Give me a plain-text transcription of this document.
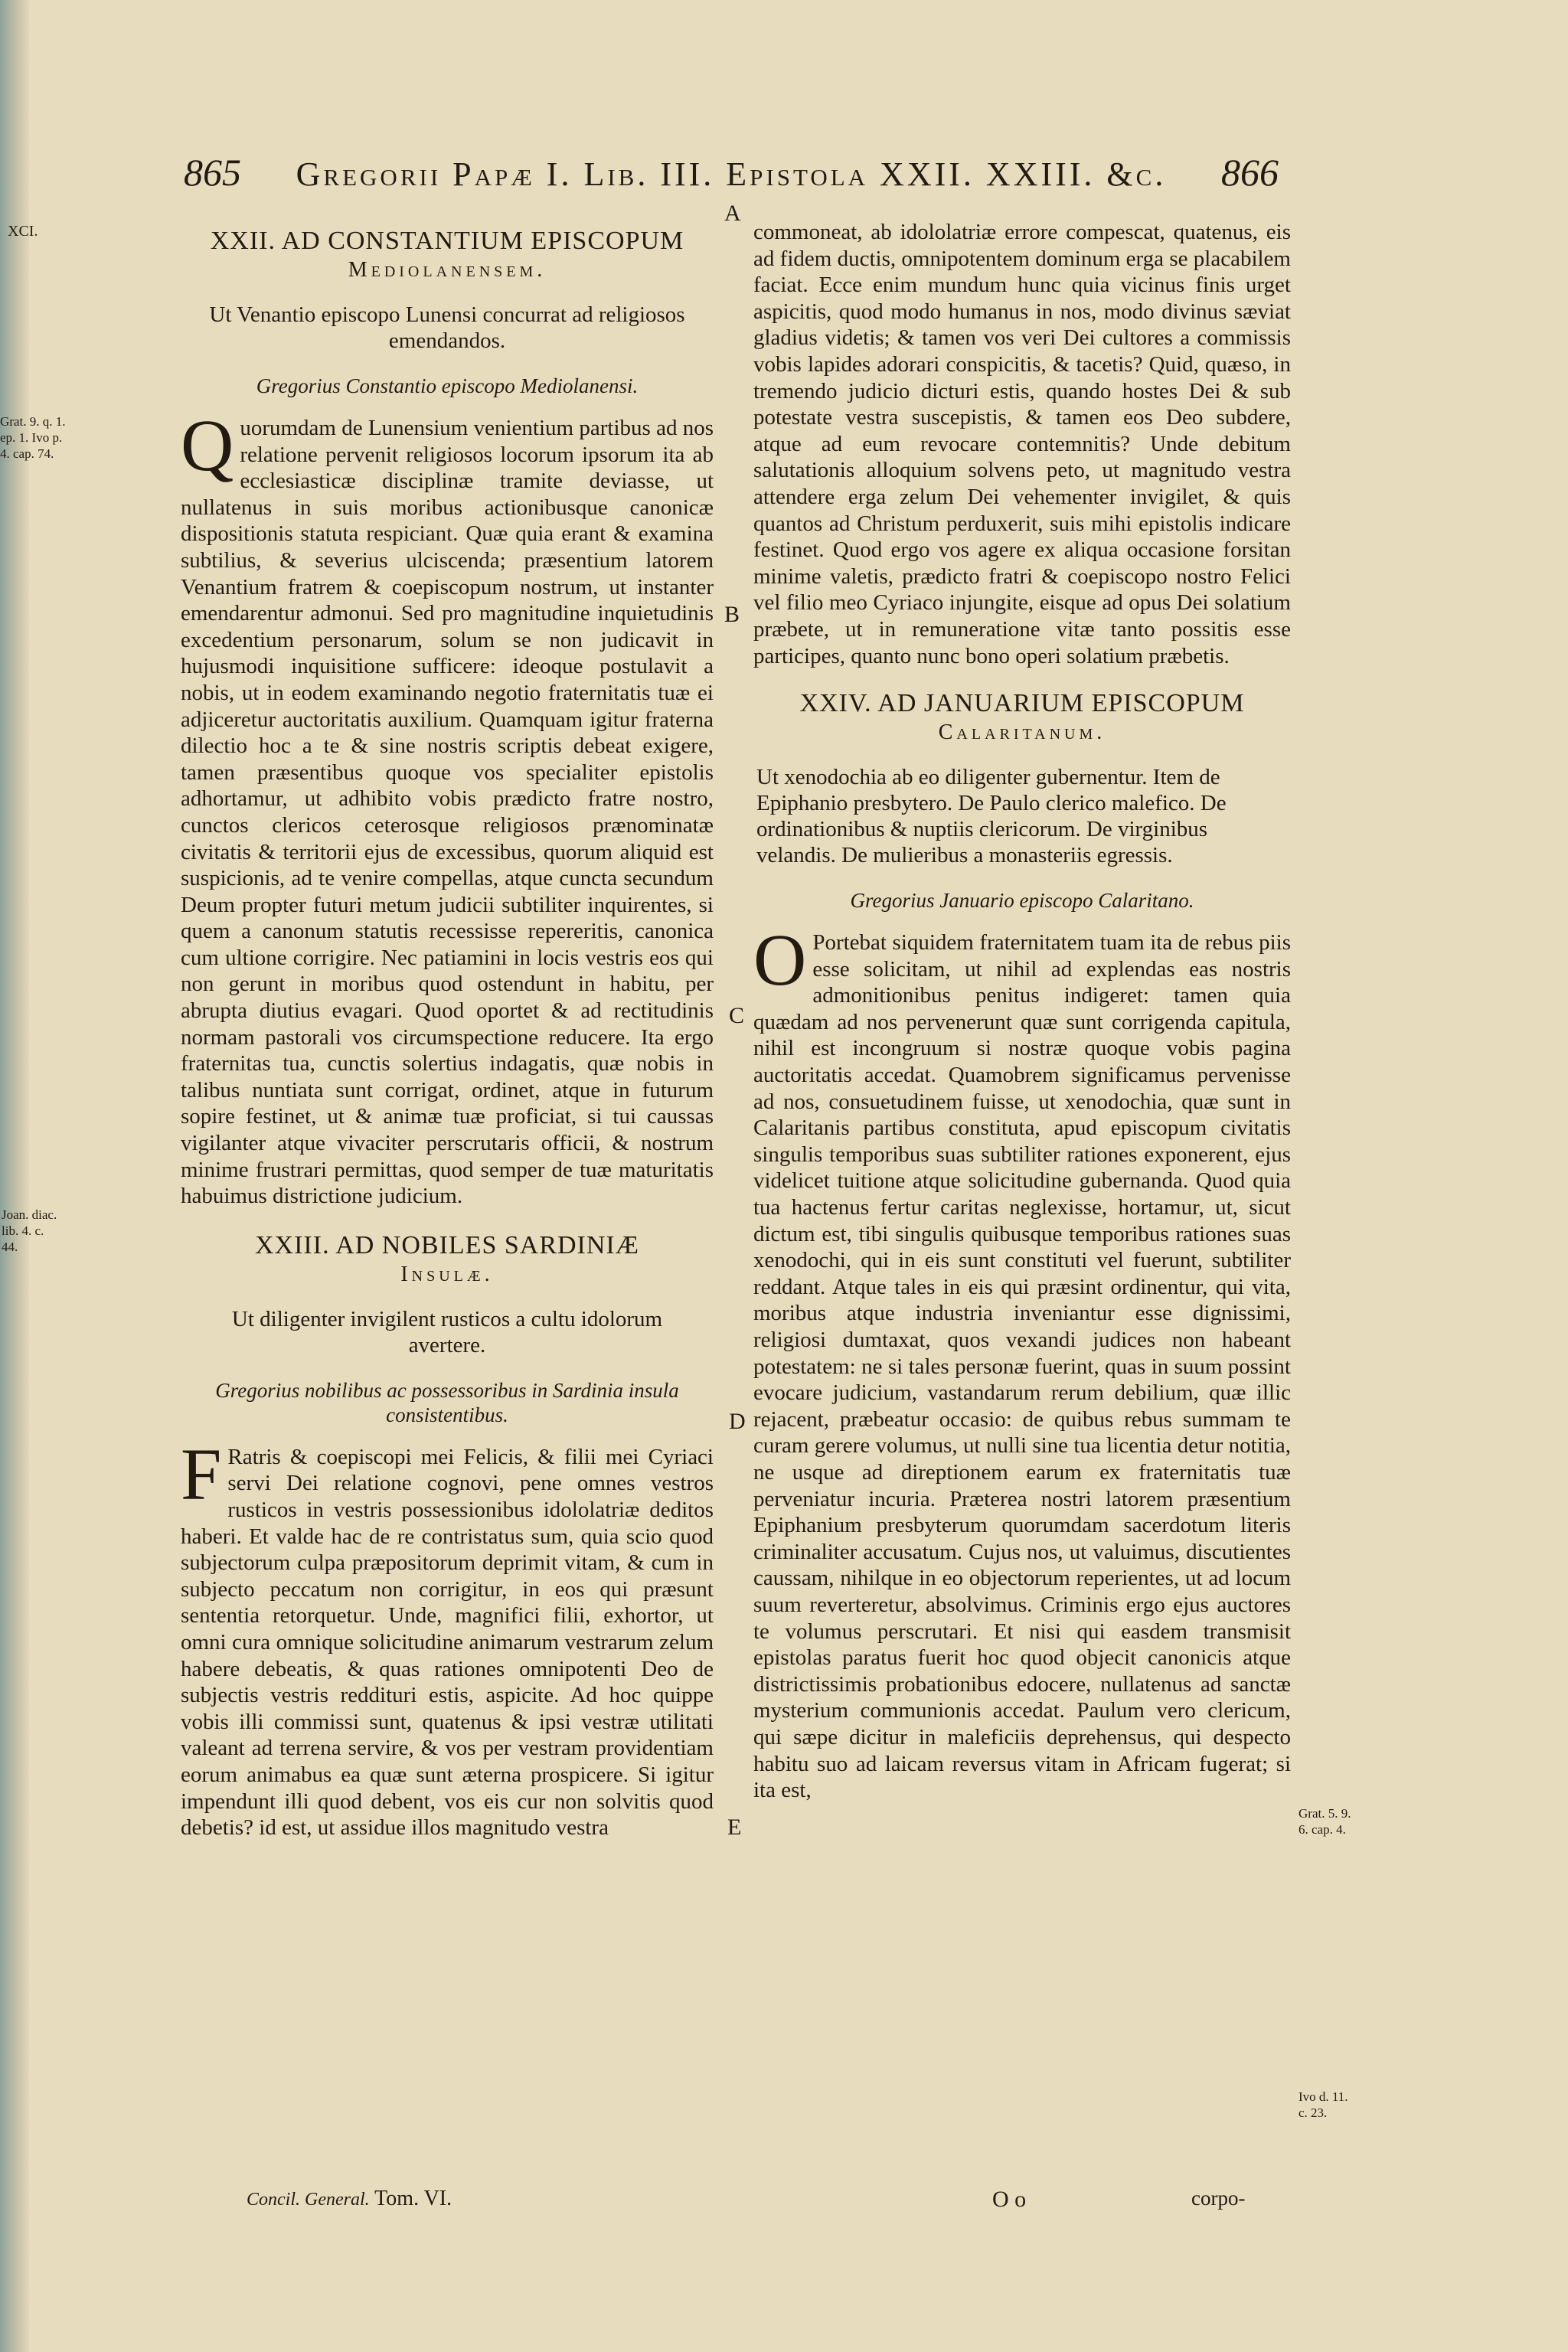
865 Gregorii Papæ I. Lib. III. Epistola XXII. XXIII. &c. 866
XCI.
Grat. 9. q. 1. ep. 1. Ivo p. 4. cap. 74.
Joan. diac. lib. 4. c. 44.
A
B
C
D
E
Grat. 5. 9. 6. cap. 4.
Ivo d. 11. c. 23.
XXII. AD CONSTANTIUM EPISCOPUM
Mediolanensem.

Ut Venantio episcopo Lunensi concurrat ad religiosos emendandos.

Gregorius Constantio episcopo Mediolanensi.

Quorumdam de Lunensium venientium partibus ad nos relatione pervenit religiosos locorum ipsorum ita ab ecclesiasticæ disciplinæ tramite deviasse, ut nullatenus in suis moribus actionibusque canonicæ dispositionis statuta respiciant. Quæ quia erant & examina subtilius, & severius ulciscenda; præsentium latorem Venantium fratrem & coepiscopum nostrum, ut instanter emendarentur admonui. Sed pro magnitudine inquietudinis excedentium personarum, solum se non judicavit in hujusmodi inquisitione sufficere: ideoque postulavit a nobis, ut in eodem examinando negotio fraternitatis tuæ ei adjiceretur auctoritatis auxilium. Quamquam igitur fraterna dilectio hoc a te & sine nostris scriptis debeat exigere, tamen præsentibus quoque vos specialiter epistolis adhortamur, ut adhibito vobis prædicto fratre nostro, cunctos clericos ceterosque religiosos prænominatæ civitatis & territorii ejus de excessibus, quorum aliquid est suspicionis, ad te venire compellas, atque cuncta secundum Deum propter futuri metum judicii subtiliter inquirentes, si quem a canonum statutis recessisse repereritis, canonica cum ultione corrigire. Nec patiamini in locis vestris eos qui non gerunt in moribus quod ostendunt in habitu, per abrupta diutius evagari. Quod oportet & ad rectitudinis normam pastorali vos circumspectione reducere. Ita ergo fraternitas tua, cunctis solertius indagatis, quæ nobis in talibus nuntiata sunt corrigat, ordinet, atque in futurum sopire festinet, ut & animæ tuæ proficiat, si tui caussas vigilanter atque vivaciter perscrutaris officii, & nostrum minime frustrari permittas, quod semper de tuæ maturitatis habuimus districtione judicium.

XXIII. AD NOBILES SARDINIÆ
Insulæ.

Ut diligenter invigilent rusticos a cultu idolorum avertere.

Gregorius nobilibus ac possessoribus in Sardinia insula consistentibus.

F Ratris & coepiscopi mei Felicis, & filii mei Cyriaci servi Dei relatione cognovi, pene omnes vestros rusticos in vestris possessionibus idololatriæ deditos haberi. Et valde hac de re contristatus sum, quia scio quod subjectorum culpa præpositorum deprimit vitam, & cum in subjecto peccatum non corrigitur, in eos qui præsunt sententia retorquetur. Unde, magnifici filii, exhortor, ut omni cura omnique solicitudine animarum vestrarum zelum habere debeatis, & quas rationes omnipotenti Deo de subjectis vestris reddituri estis, aspicite. Ad hoc quippe vobis illi commissi sunt, quatenus & ipsi vestræ utilitati valeant ad terrena servire, & vos per vestram providentiam eorum animabus ea quæ sunt æterna prospicere. Si igitur impendunt illi quod debent, vos eis cur non solvitis quod debetis? id est, ut assidue illos magnitudo vestra

commoneat, ab idololatriæ errore compescat, quatenus, eis ad fidem ductis, omnipotentem dominum erga se placabilem faciat. Ecce enim mundum hunc quia vicinus finis urget aspicitis, quod modo humanus in nos, modo divinus sæviat gladius videtis; & tamen vos veri Dei cultores a commissis vobis lapides adorari conspicitis, & tacetis? Quid, quæso, in tremendo judicio dicturi estis, quando hostes Dei & sub potestate vestra suscepistis, & tamen eos Deo subdere, atque ad eum revocare contemnitis? Unde debitum salutationis alloquium solvens peto, ut magnitudo vestra attendere erga zelum Dei vehementer invigilet, & quis quantos ad Christum perduxerit, suis mihi epistolis indicare festinet. Quod ergo vos agere ex aliqua occasione forsitan minime valetis, prædicto fratri & coepiscopo nostro Felici vel filio meo Cyriaco injungite, eisque ad opus Dei solatium præbete, ut in remuneratione vitæ tanto possitis esse participes, quanto nunc bono operi solatium præbetis.

XXIV. AD JANUARIUM EPISCOPUM
Calaritanum.

Ut xenodochia ab eo diligenter gubernentur. Item de Epiphanio presbytero. De Paulo clerico malefico. De ordinationibus & nuptiis clericorum. De virginibus velandis. De mulieribus a monasteriis egressis.

Gregorius Januario episcopo Calaritano.

O Portebat siquidem fraternitatem tuam ita de rebus piis esse solicitam, ut nihil ad explendas eas nostris admonitionibus penitus indigeret: tamen quia quædam ad nos pervenerunt quæ sunt corrigenda capitula, nihil est incongruum si nostræ quoque vobis pagina auctoritatis accedat. Quamobrem significamus pervenisse ad nos, consuetudinem fuisse, ut xenodochia, quæ sunt in Calaritanis partibus constituta, apud episcopum civitatis singulis temporibus suas subtiliter rationes exponerent, ejus videlicet tuitione atque solicitudine gubernanda. Quod quia tua hactenus fertur caritas neglexisse, hortamur, ut, sicut dictum est, tibi singulis quibusque temporibus rationes suas xenodochi, qui in eis sunt constituti vel fuerunt, subtiliter reddant. Atque tales in eis qui præsint ordinentur, qui vita, moribus atque industria inveniantur esse dignissimi, religiosi dumtaxat, quos vexandi judices non habeant potestatem: ne si tales personæ fuerint, quas in suum possint evocare judicium, vastandarum rerum debilium, quæ illic rejacent, præbeatur occasio: de quibus rebus summam te curam gerere volumus, ut nulli sine tua licentia detur notitia, ne usque ad direptionem earum ex fraternitatis tuæ perveniatur incuria. Præterea nostri latorem præsentium Epiphanium presbyterum quorumdam sacerdotum literis criminaliter accusatum. Cujus nos, ut valuimus, discutientes caussam, nihilque in eo objectorum reperientes, ut ad locum suum reverteretur, absolvimus. Criminis ergo ejus auctores te volumus perscrutari. Et nisi qui easdem transmisit epistolas paratus fuerit hoc quod objecit canonicis atque districtissimis probationibus edocere, nullatenus ad sanctæ mysterium communionis accedat. Paulum vero clericum, qui sæpe dicitur in maleficiis deprehensus, qui despecto habitu suo ad laicam reversus vitam in Africam fugerat; si ita est,

Concil. General. Tom. VI.	O o	corpo-
